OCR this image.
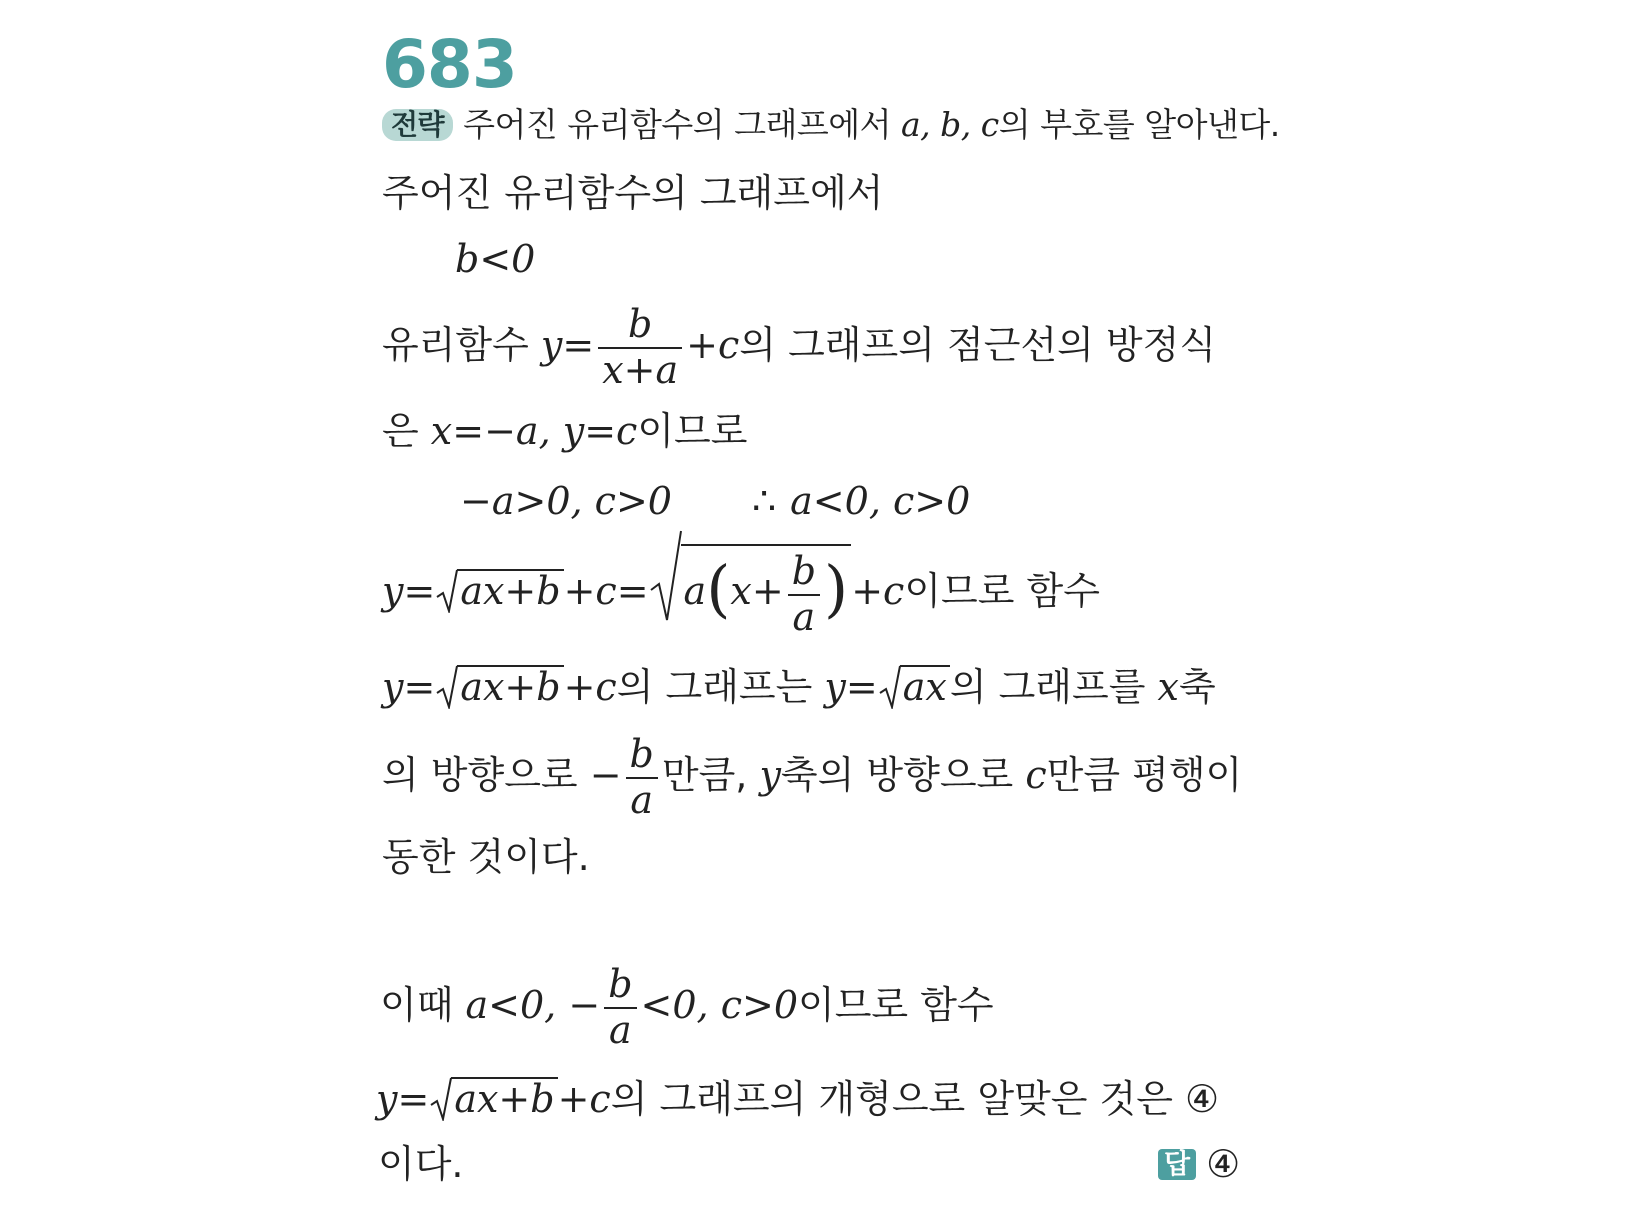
683
전략 주어진 유리함수의 그래프에서 a, b, c의 부호를 알아낸다.
주어진 유리함수의 그래프에서
b<0
유리함수 $y= \frac{b}{x+a} +c$의 그래프의 점근선의 방정식
은 x=−a, y=c이므로
−a>0, c>0 ∴ a<0, c>0
$y= ax+b+c= a(x+ \frac{b}{a} )+c$이므로 함수
y= ax+b+c의 그래프는 y= ax의 그래프를 x축
의 방향으로 − $\frac{b}{a}$ 만큼, y축의 방향으로 c만큼 평행이
동한 것이다.
이때 a<0, − $\frac{b}{a} <0$, c>0이므로 함수
y= ax+b+c의 그래프의 개형으로 알맞은 것은 ④
이다.	답 ④
